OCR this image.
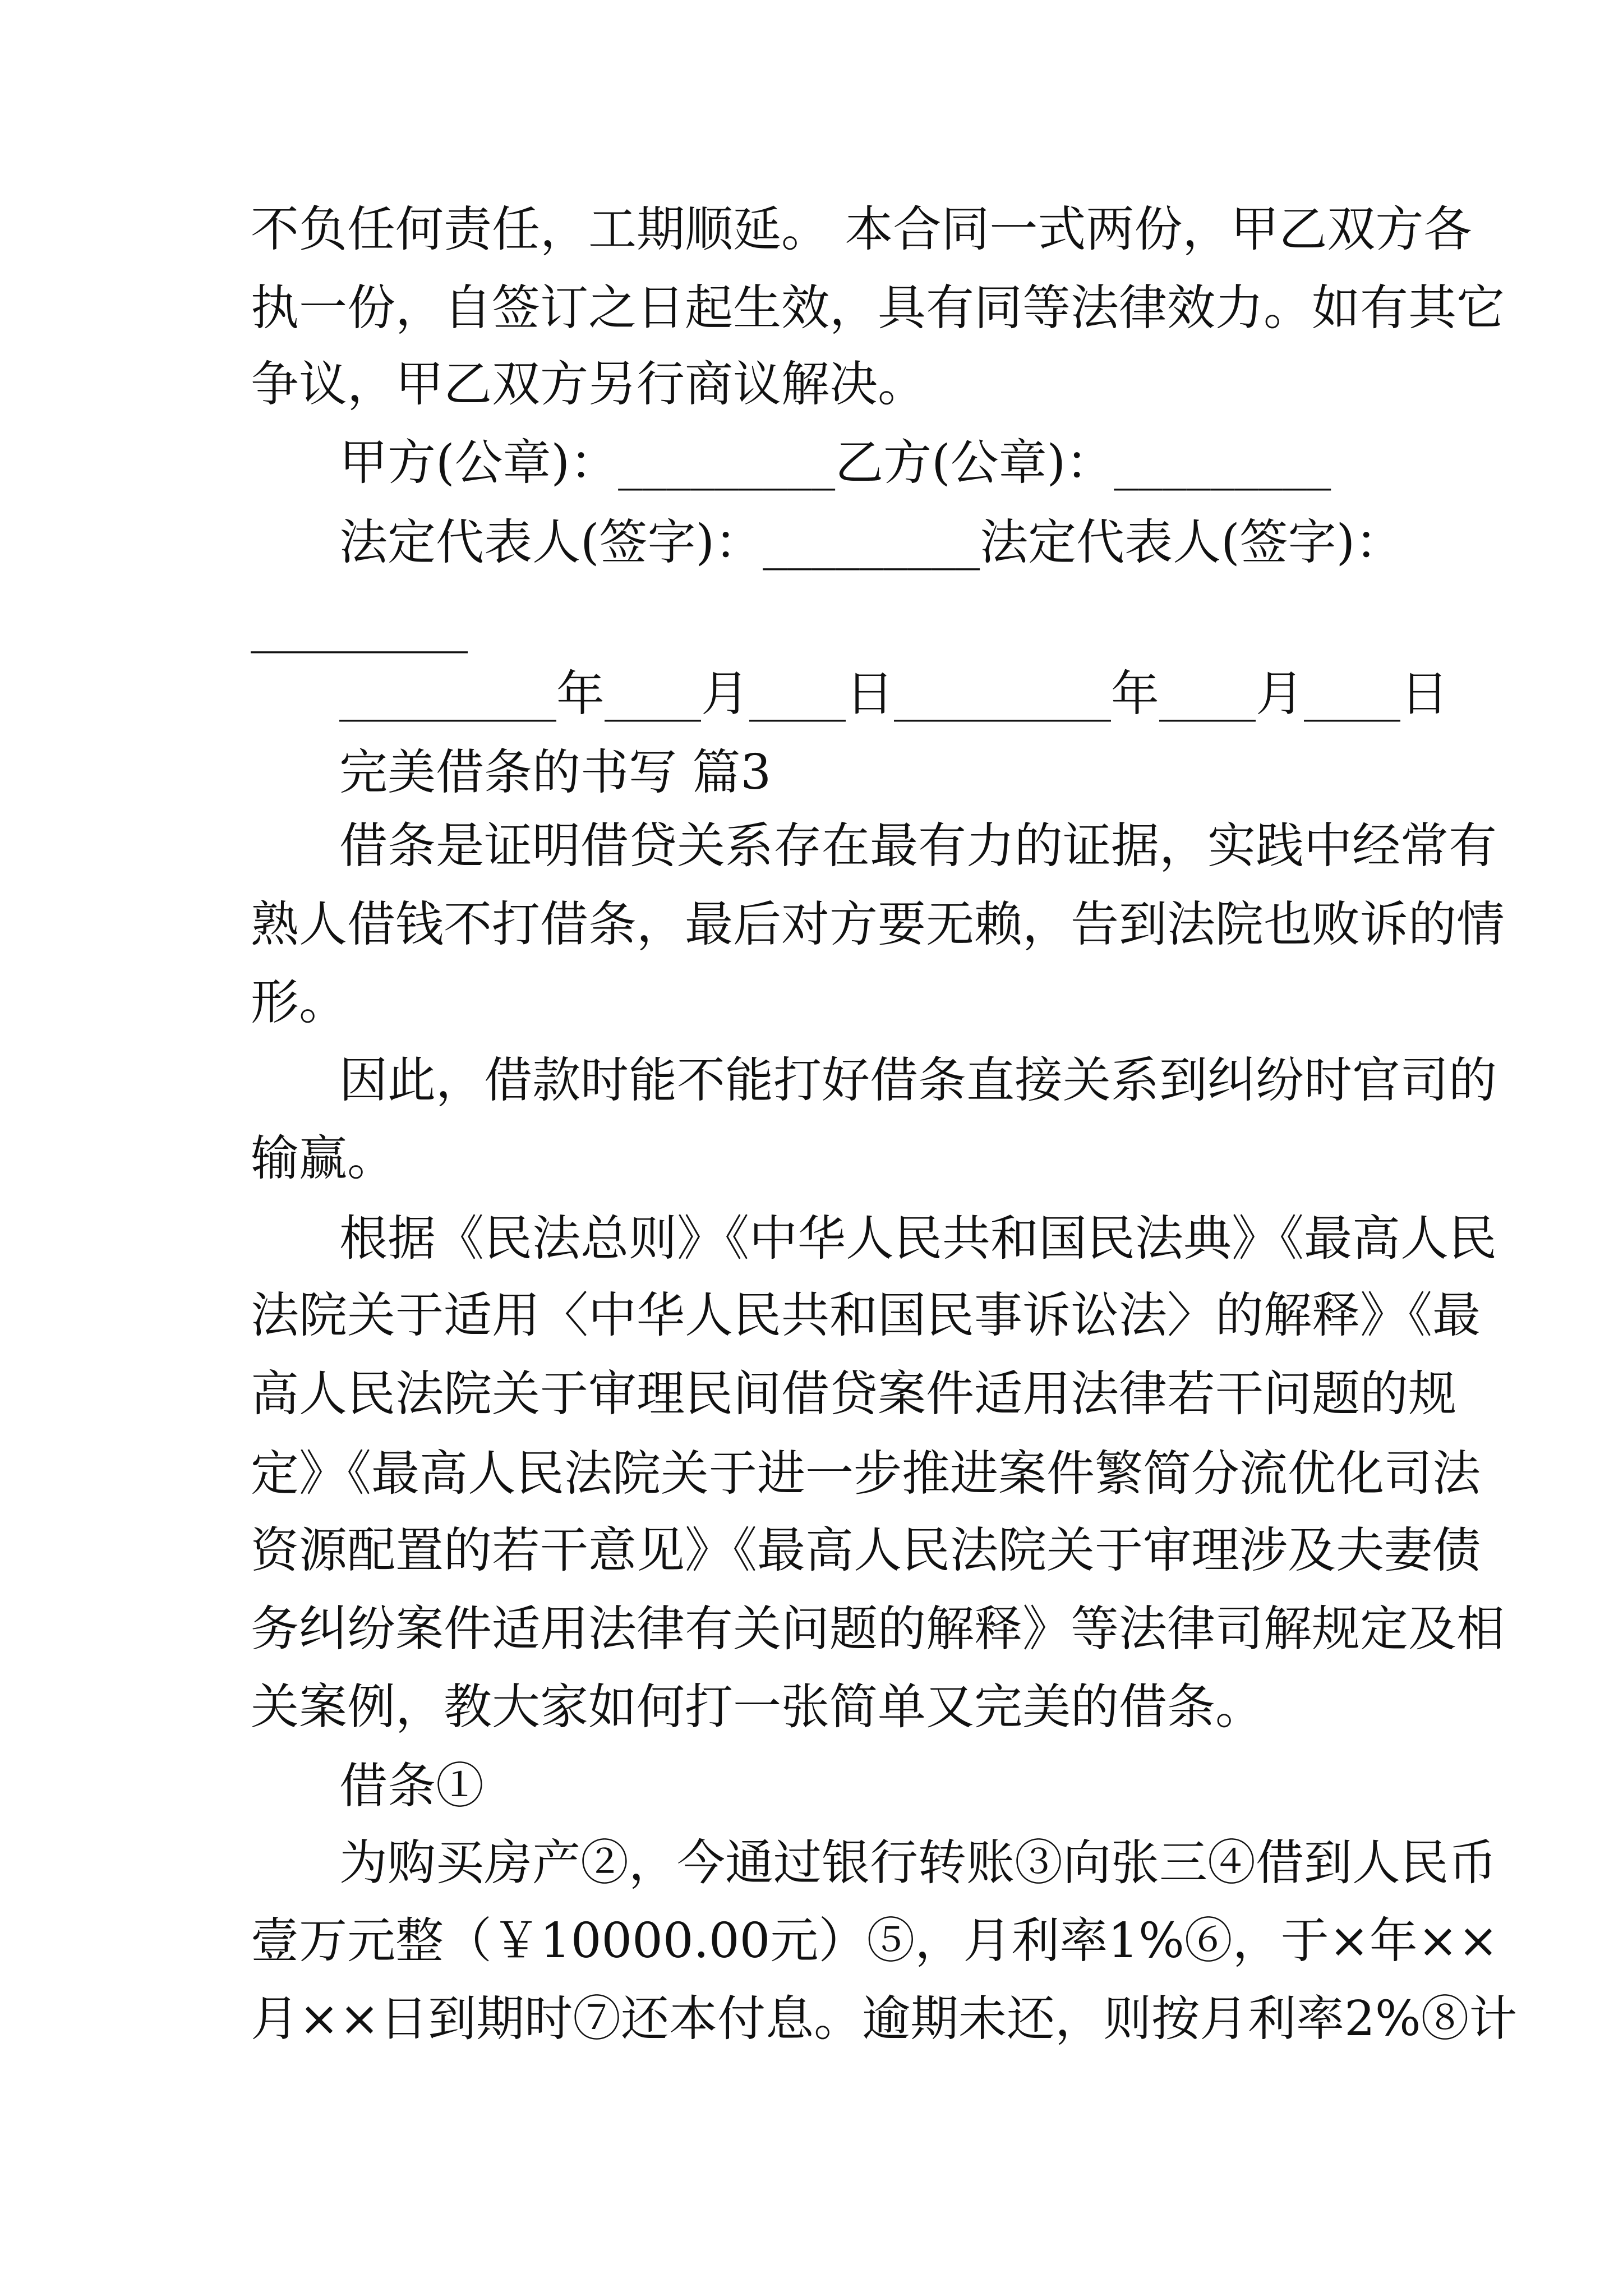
不负任何责任，工期顺延。 本合同一式两份，甲乙双方各
执一份，自签订之日起生效，具有同等法律效力。如有其它
争议，甲乙双方另行商议解决。
甲方(公章)：_________乙方(公章)：_________
法定代表人(签字)：_________法定代表人(签字)：
_________
_________年____月____日_________年____月____日
完美借条的书写 篇3
借条是证明借贷关系存在最有力的证据，实践中经常有
熟人借钱不打借条，最后对方要无赖，告到法院也败诉的情
形。
因此，借款时能不能打好借条直接关系到纠纷时官司的
输赢。
根据《民法总则》《中华人民共和国民法典》《最高人民
法院关于适用〈中华人民共和国民事诉讼法〉的解释》《最
高人民法院关于审理民间借贷案件适用法律若干问题的规
定》《最高人民法院关于进一步推进案件繁简分流优化司法
资源配置的若干意见》《最高人民法院关于审理涉及夫妻债
务纠纷案件适用法律有关问题的解释》等法律司解规定及相
关案例，教大家如何打一张简单又完美的借条。
借条①
为购买房产②，今通过银行转账③向张三④借到人民币
壹万元整（￥10000.00元）⑤，月利率1%⑥，于×年××
月××日到期时⑦还本付息。逾期未还，则按月利率2%⑧计
